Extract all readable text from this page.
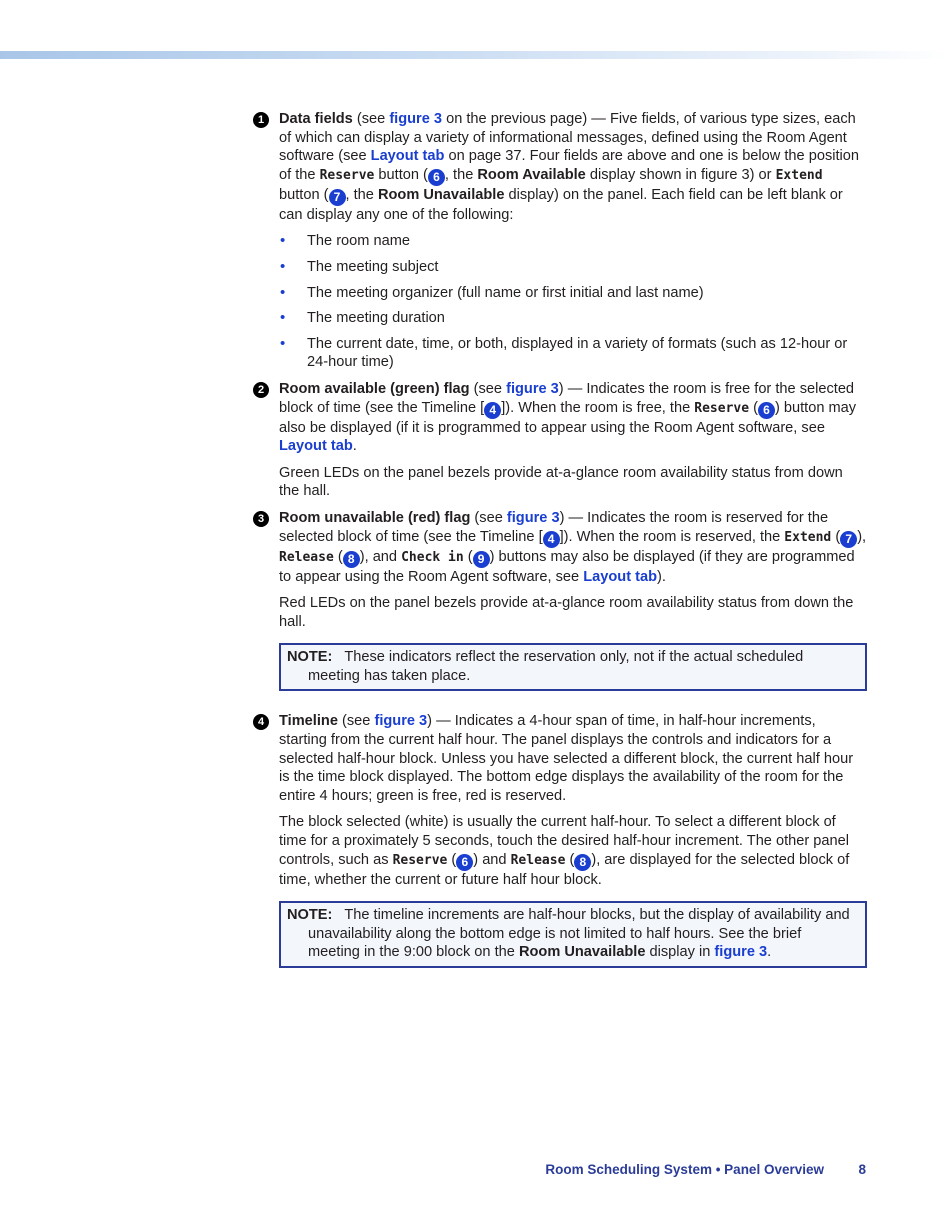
1	Data fields (see figure 3 on the previous page) — Five fields, of various type sizes, each of which can display a variety of informational messages, defined using the Room Agent software (see Layout tab on page 37. Four fields are above and one is below the position of the Reserve button ( 6 , the Room Available display shown in figure 3) or Extend button ( 7 , the Room Unavailable display) on the panel. Each field can be left blank or can display any one of the following:

• The room name
• The meeting subject
• The meeting organizer (full name or first initial and last name)
• The meeting duration
• The current date, time, or both, displayed in a variety of formats (such as 12-hour or 24-hour time)
2	Room available (green) flag (see figure 3) — Indicates the room is free for the selected block of time (see the Timeline [ 4 ]). When the room is free, the Reserve ( 6 ) button may also be displayed (if it is programmed to appear using the Room Agent software, see Layout tab.

Green LEDs on the panel bezels provide at-a-glance room availability status from down the hall.

3	Room unavailable (red) flag (see figure 3) — Indicates the room is reserved for the selected block of time (see the Timeline [ 4 ]). When the room is reserved, the Extend ( 7 ), Release ( 8 ), and Check in ( 9 ) buttons may also be displayed (if they are programmed to appear using the Room Agent software, see Layout tab).

Red LEDs on the panel bezels provide at-a-glance room availability status from down the hall.

NOTE: These indicators reflect the reservation only, not if the actual scheduled meeting has taken place.
4	Timeline (see figure 3) — Indicates a 4-hour span of time, in half-hour increments, starting from the current half hour. The panel displays the controls and indicators for a selected half-hour block. Unless you have selected a different block, the current half hour is the time block displayed. The bottom edge displays the availability of the room for the entire 4 hours; green is free, red is reserved.

The block selected (white) is usually the current half-hour. To select a different block of time for a proximately 5 seconds, touch the desired half-hour increment. The other panel controls, such as Reserve ( 6 ) and Release ( 8 ), are displayed for the selected block of time, whether the current or future half hour block.

NOTE: The timeline increments are half-hour blocks, but the display of availability and unavailability along the bottom edge is not limited to half hours. See the brief meeting in the 9:00 block on the Room Unavailable display in figure 3.
Room Scheduling System • Panel Overview	8
